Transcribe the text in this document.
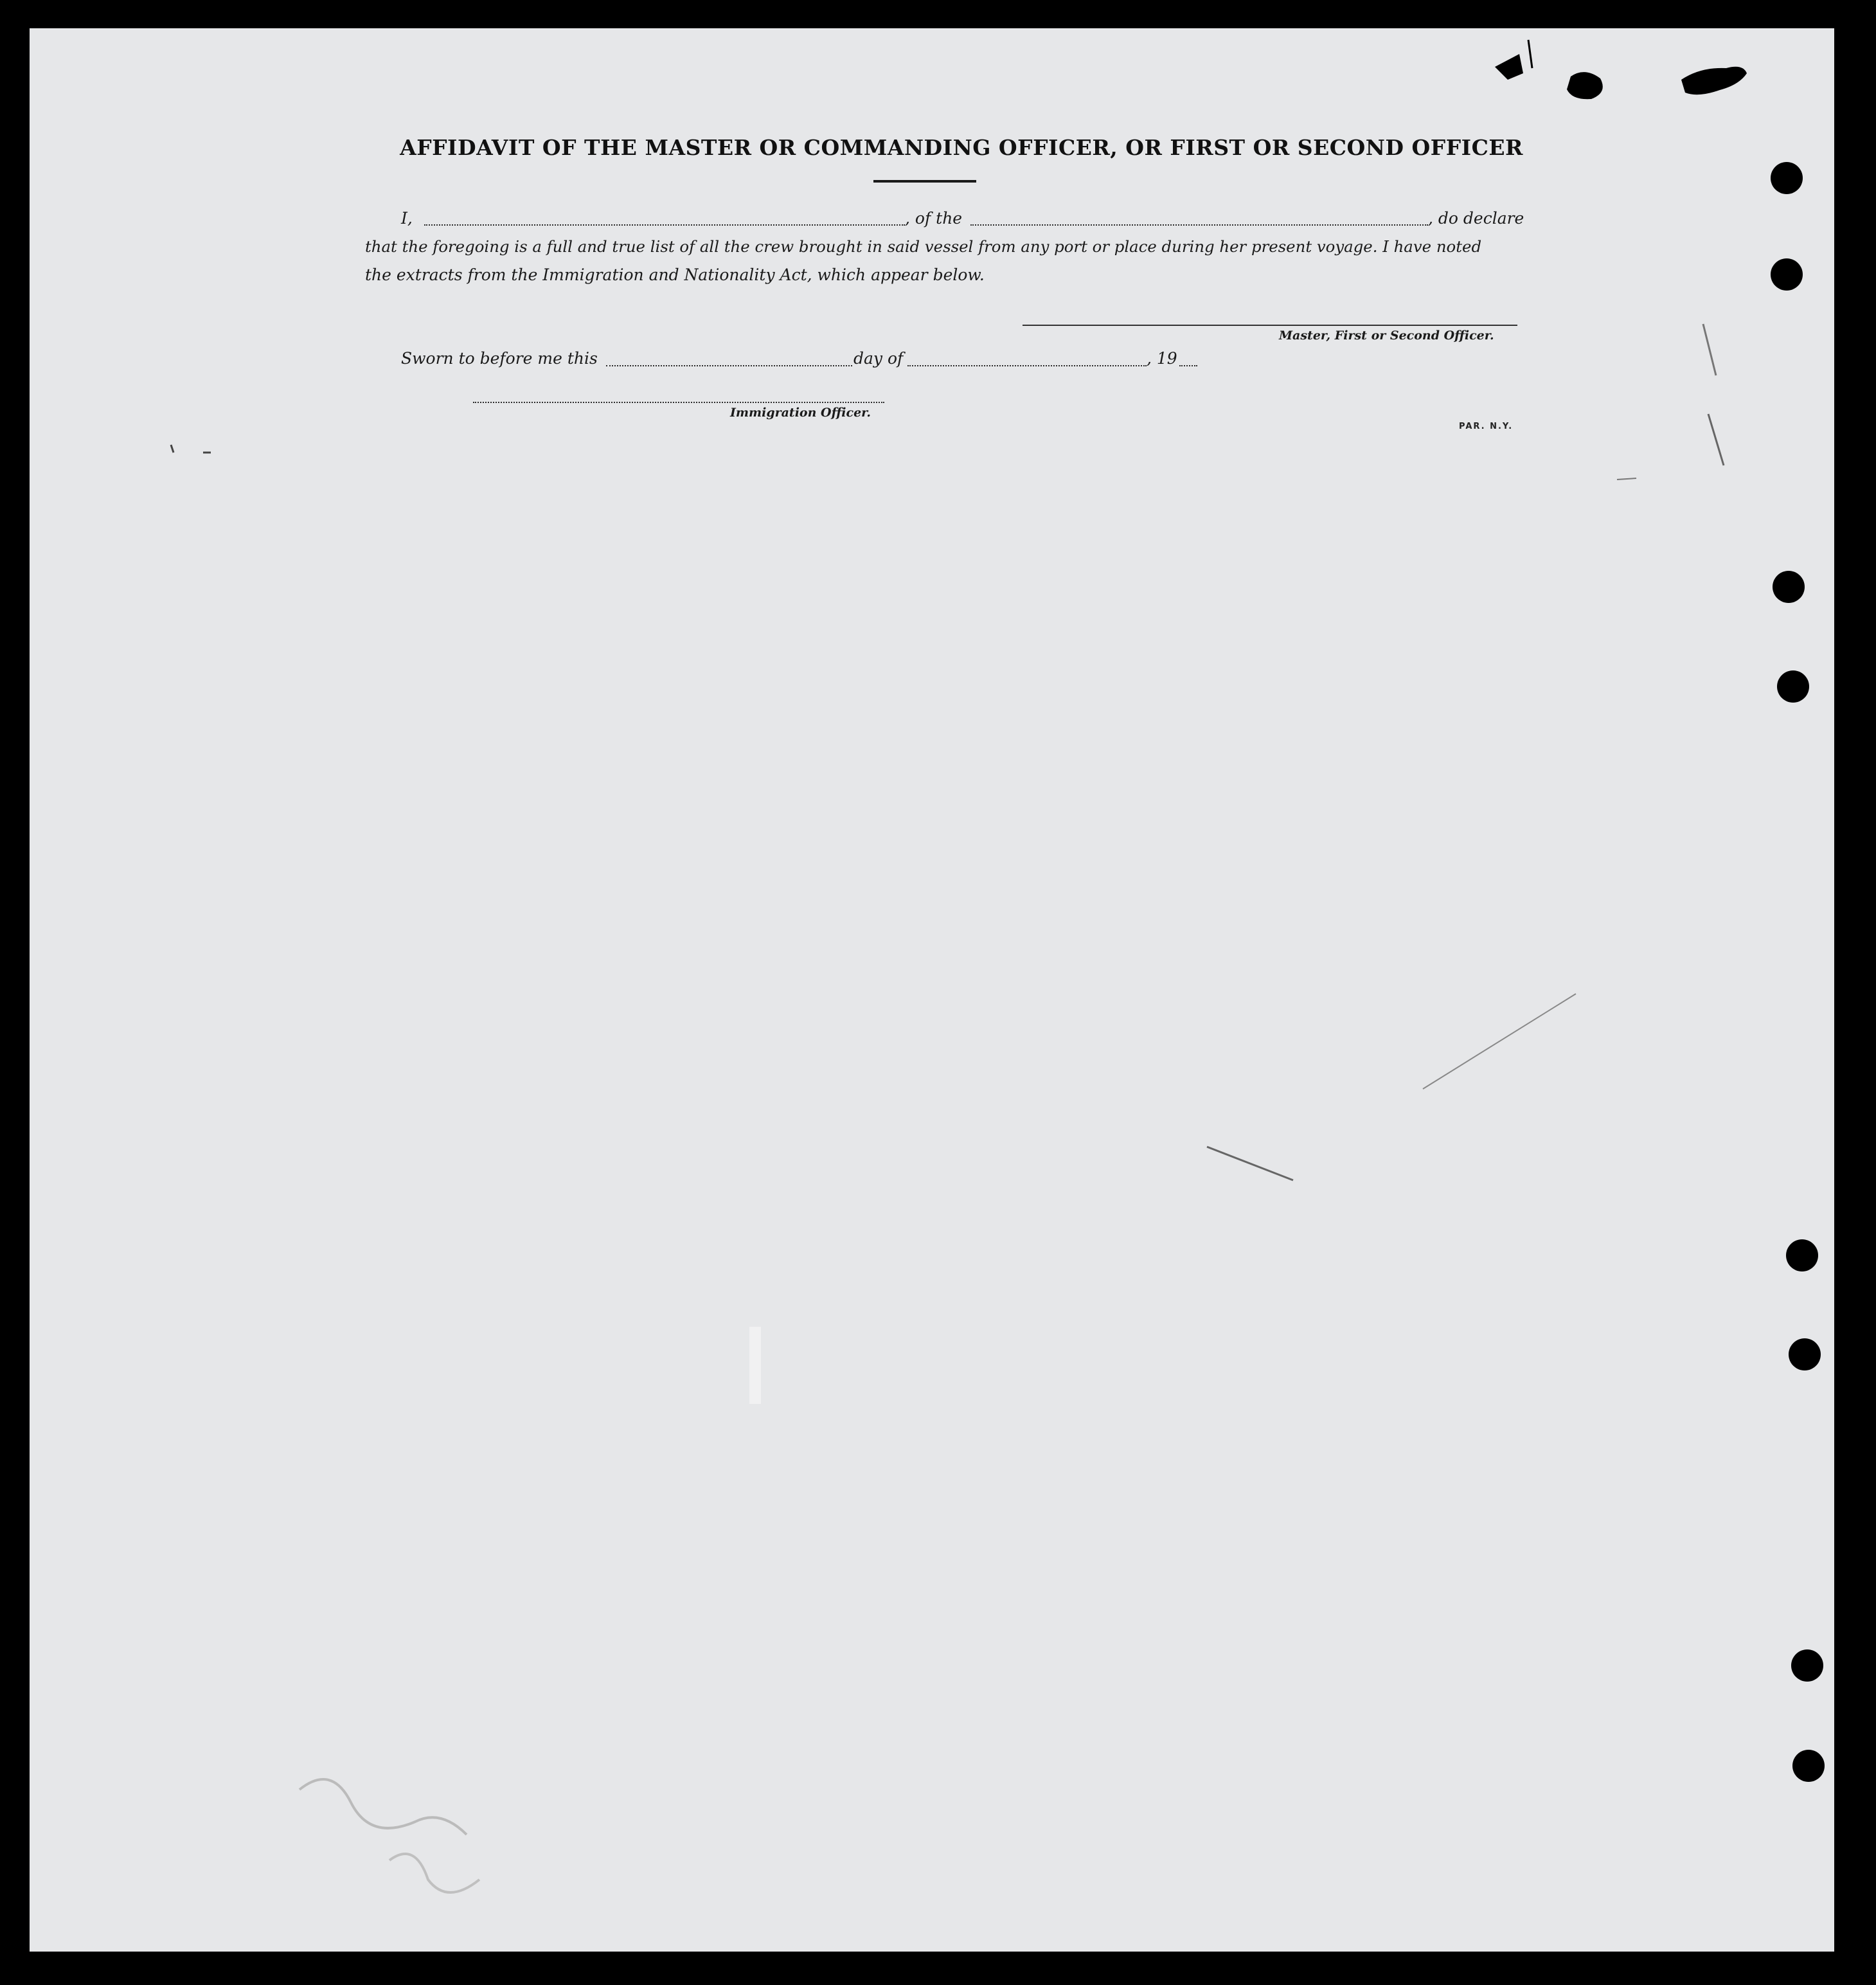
AFFIDAVIT OF THE MASTER OR COMMANDING OFFICER, OR FIRST OR SECOND OFFICER
I,	, of the	, do declare
that the foregoing is a full and true list of all the crew brought in said vessel from any port or place during her present voyage. I have noted
the extracts from the Immigration and Nationality Act, which appear below.
Master, First or Second Officer.
Sworn to before me this	day of	, 19
Immigration Officer.
PAR. N.Y.
